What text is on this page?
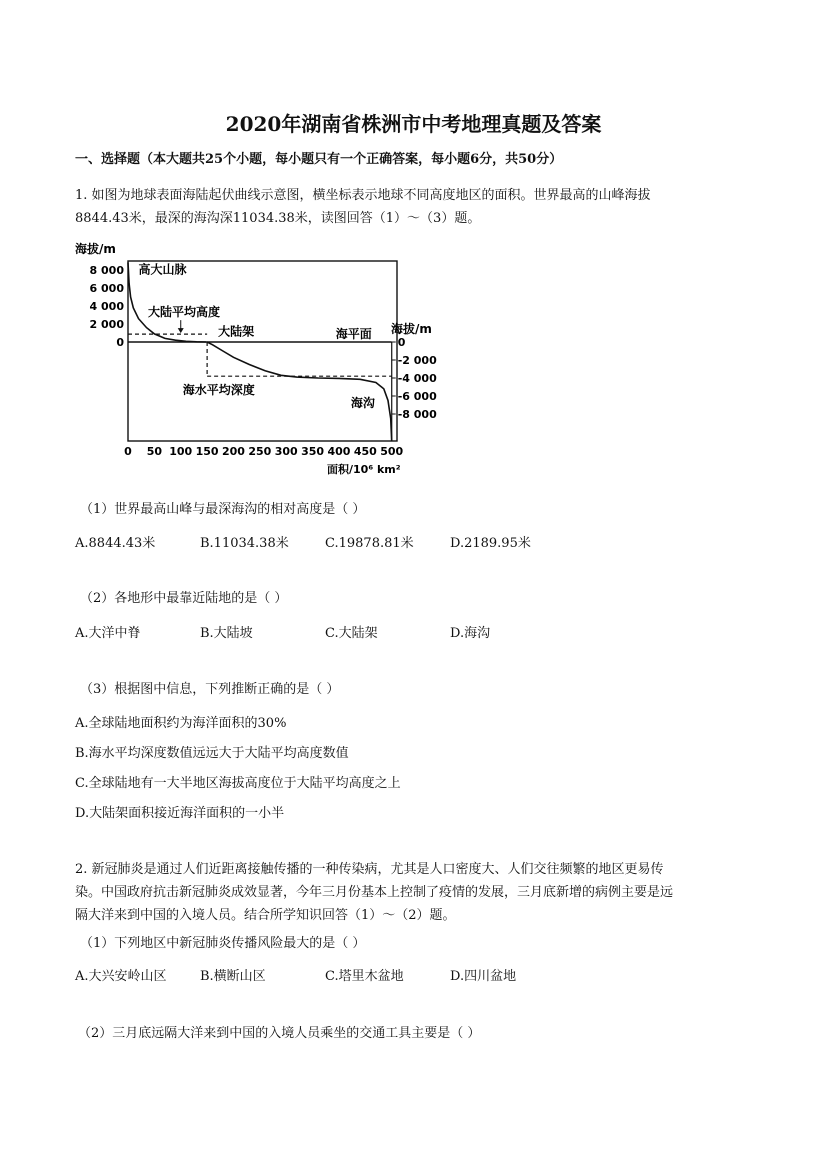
2020年湖南省株洲市中考地理真题及答案
一、选择题（本大题共25个小题，每小题只有一个正确答案，每小题6分，共50分）
1. 如图为地球表面海陆起伏曲线示意图，横坐标表示地球不同高度地区的面积。世界最高的山峰海拔
8844.43米，最深的海沟深11034.38米，读图回答（1）～（3）题。
海拔/m
海拔/m
面积/10⁶ km²
8 000
6 000
4 000
2 000
0	0
-2 000
-4 000
-6 000
-8 000
0 50 100 150 200 250 300 350 400 450 500
海平面
大陆平均高度
海水平均深度
高大山脉
大陆架
海沟
（1）世界最高山峰与最深海沟的相对高度是（ ）
A.8844.43米	B.11034.38米	C.19878.81米	D.2189.95米
（2）各地形中最靠近陆地的是（ ）
A.大洋中脊	B.大陆坡	C.大陆架	D.海沟
（3）根据图中信息，下列推断正确的是（ ）
A.全球陆地面积约为海洋面积的30%
B.海水平均深度数值远远大于大陆平均高度数值
C.全球陆地有一大半地区海拔高度位于大陆平均高度之上
D.大陆架面积接近海洋面积的一小半
2. 新冠肺炎是通过人们近距离接触传播的一种传染病，尤其是人口密度大、人们交往频繁的地区更易传
染。中国政府抗击新冠肺炎成效显著，今年三月份基本上控制了疫情的发展，三月底新增的病例主要是远
隔大洋来到中国的入境人员。结合所学知识回答（1）～（2）题。
（1）下列地区中新冠肺炎传播风险最大的是（ ）
A.大兴安岭山区	B.横断山区	C.塔里木盆地	D.四川盆地
（2）三月底远隔大洋来到中国的入境人员乘坐的交通工具主要是（ ）
